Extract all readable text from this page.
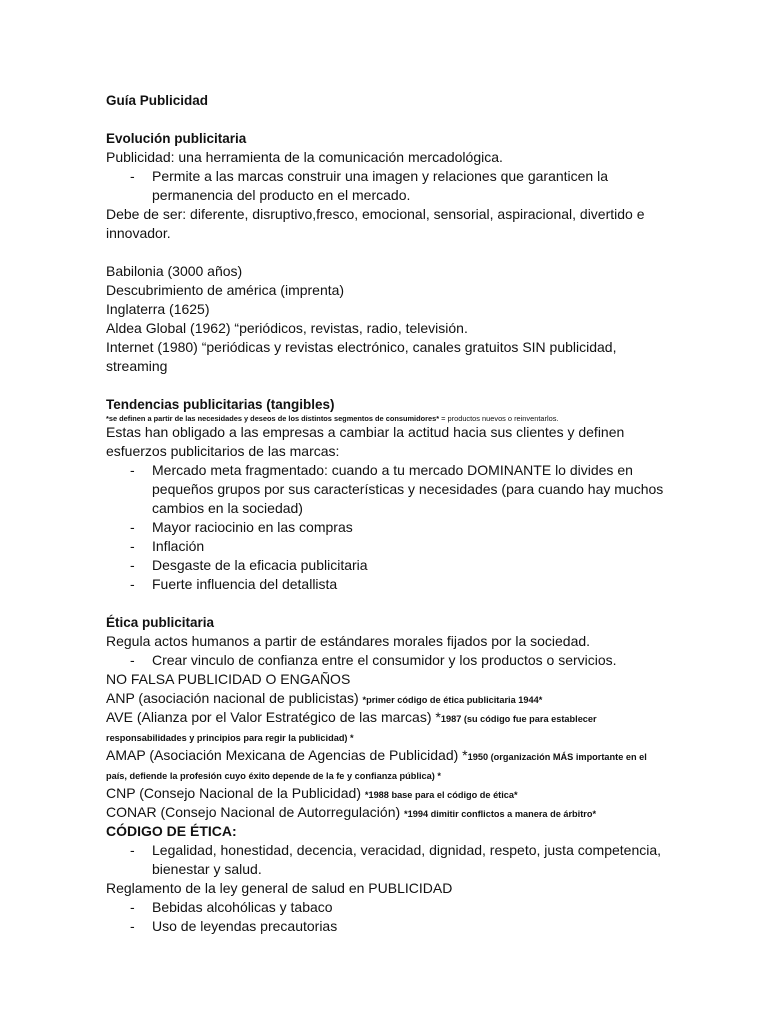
Guía Publicidad

Evolución publicitaria

Publicidad: una herramienta de la comunicación mercadológica.

- Permite a las marcas construir una imagen y relaciones que garanticen la permanencia del producto en el mercado.

Debe de ser: diferente, disruptivo,fresco, emocional, sensorial, aspiracional, divertido e innovador.

Babilonia (3000 años)

Descubrimiento de américa (imprenta)

Inglaterra (1625)

Aldea Global (1962) “periódicos, revistas, radio, televisión.

Internet (1980) “periódicas y revistas electrónico, canales gratuitos SIN publicidad, streaming

Tendencias publicitarias (tangibles)

*se definen a partir de las necesidades y deseos de los distintos segmentos de consumidores* = productos nuevos o reinventarlos.

Estas han obligado a las empresas a cambiar la actitud hacia sus clientes y definen esfuerzos publicitarios de las marcas:

- Mercado meta fragmentado: cuando a tu mercado DOMINANTE lo divides en pequeños grupos por sus características y necesidades (para cuando hay muchos cambios en la sociedad)
- Mayor raciocinio en las compras
- Inflación
- Desgaste de la eficacia publicitaria
- Fuerte influencia del detallista

Ética publicitaria

Regula actos humanos a partir de estándares morales fijados por la sociedad.

- Crear vinculo de confianza entre el consumidor y los productos o servicios.

NO FALSA PUBLICIDAD O ENGAÑOS

ANP (asociación nacional de publicistas) *primer código de ética publicitaria 1944*

AVE (Alianza por el Valor Estratégico de las marcas) *1987 (su código fue para establecer responsabilidades y principios para regir la publicidad) *

AMAP (Asociación Mexicana de Agencias de Publicidad) *1950 (organización MÁS importante en el país, defiende la profesión cuyo éxito depende de la fe y confianza pública) *

CNP (Consejo Nacional de la Publicidad) *1988 base para el código de ética*

CONAR (Consejo Nacional de Autorregulación) *1994 dimitir conflictos a manera de árbitro*

CÓDIGO DE ÉTICA:

- Legalidad, honestidad, decencia, veracidad, dignidad, respeto, justa competencia, bienestar y salud.

Reglamento de la ley general de salud en PUBLICIDAD

- Bebidas alcohólicas y tabaco
- Uso de leyendas precautorias
